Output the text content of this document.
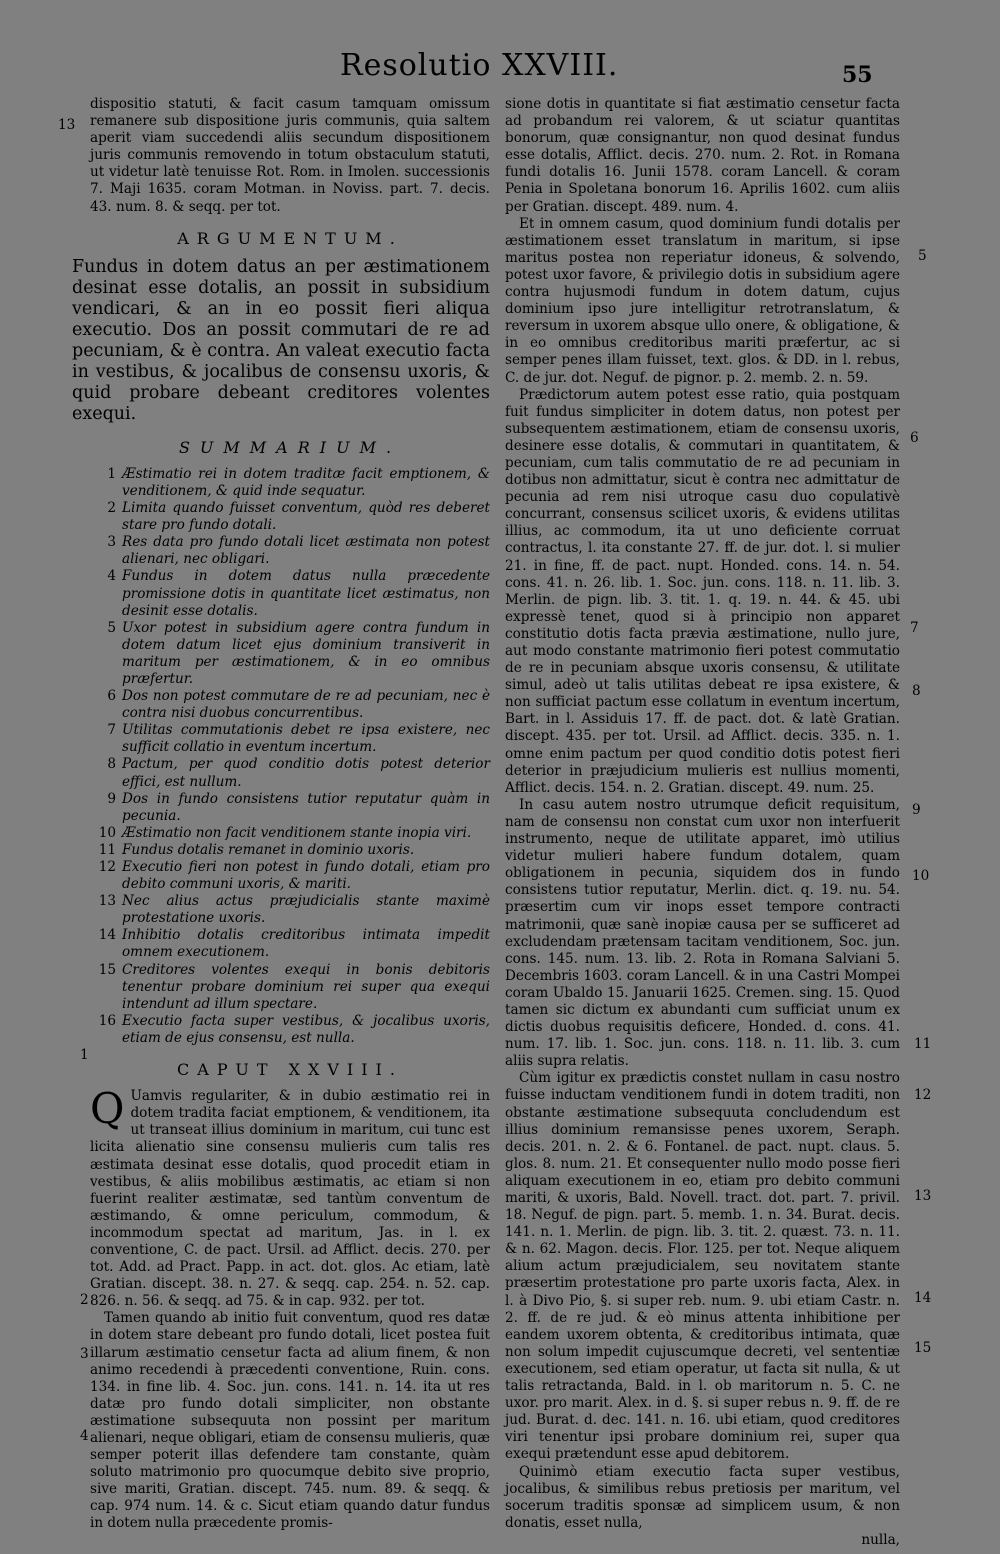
Resolutio XXVIII.	55
13
5
6
7
8
9
10
11
12
13
14
15
1
2
3
4

dispositio statuti, & facit casum tamquam omissum remanere sub dispositione juris communis, quia saltem aperit viam succedendi aliis secundum dispositionem juris communis removendo in totum obstaculum statuti, ut videtur latè tenuisse Rot. Rom. in Imolen. successionis 7. Maji 1635. coram Motman. in Noviss. part. 7. decis. 43. num. 8. & seqq. per tot.

ARGUMENTUM.

Fundus in dotem datus an per æstimationem desinat esse dotalis, an possit in subsidium vendicari, & an in eo possit fieri aliqua executio. Dos an possit commutari de re ad pecuniam, & è contra. An valeat executio facta in vestibus, & jocalibus de consensu uxoris, & quid probare debeant creditores volentes exequi.

SUMMARIUM.

1 Æstimatio rei in dotem traditæ facit emptionem, & venditionem, & quid inde sequatur.
2 Limita quando fuisset conventum, quòd res deberet stare pro fundo dotali.
3 Res data pro fundo dotali licet æstimata non potest alienari, nec obligari.
4 Fundus in dotem datus nulla præcedente promissione dotis in quantitate licet æstimatus, non desinit esse dotalis.
5 Uxor potest in subsidium agere contra fundum in dotem datum licet ejus dominium transiverit in maritum per æstimationem, & in eo omnibus præfertur.
6 Dos non potest commutare de re ad pecuniam, nec è contra nisi duobus concurrentibus.
7 Utilitas commutationis debet re ipsa existere, nec sufficit collatio in eventum incertum.
8 Pactum, per quod conditio dotis potest deterior effici, est nullum.
9 Dos in fundo consistens tutior reputatur quàm in pecunia.
10 Æstimatio non facit venditionem stante inopia viri.
11 Fundus dotalis remanet in dominio uxoris.
12 Executio fieri non potest in fundo dotali, etiam pro debito communi uxoris, & mariti.
13 Nec alius actus præjudicialis stante maximè protestatione uxoris.
14 Inhibitio dotalis creditoribus intimata impedit omnem executionem.
15 Creditores volentes exequi in bonis debitoris tenentur probare dominium rei super qua exequi intendunt ad illum spectare.
16 Executio facta super vestibus, & jocalibus uxoris, etiam de ejus consensu, est nulla.

CAPUT XXVIII.

Q Uamvis regulariter, & in dubio æstimatio rei in dotem tradita faciat emptionem, & venditionem, ita ut transeat illius dominium in maritum, cui tunc est licita alienatio sine consensu mulieris cum talis res æstimata desinat esse dotalis, quod procedit etiam in vestibus, & aliis mobilibus æstimatis, ac etiam si non fuerint realiter æstimatæ, sed tantùm conventum de æstimando, & omne periculum, commodum, & incommodum spectat ad maritum, Jas. in l. ex conventione, C. de pact. Ursil. ad Afflict. decis. 270. per tot. Add. ad Pract. Papp. in act. dot. glos. Ac etiam, latè Gratian. discept. 38. n. 27. & seqq. cap. 254. n. 52. cap. 826. n. 56. & seqq. ad 75. & in cap. 932. per tot.

Tamen quando ab initio fuit conventum, quod res datæ in dotem stare debeant pro fundo dotali, licet postea fuit illarum æstimatio censetur facta ad alium finem, & non animo recedendi à præcedenti conventione, Ruin. cons. 134. in fine lib. 4. Soc. jun. cons. 141. n. 14. ita ut res datæ pro fundo dotali simpliciter, non obstante æstimatione subsequuta non possint per maritum alienari, neque obligari, etiam de consensu mulieris, quæ semper poterit illas defendere tam constante, quàm soluto matrimonio pro quocumque debito sive proprio, sive mariti, Gratian. discept. 745. num. 89. & seqq. & cap. 974 num. 14. & c. Sicut etiam quando datur fundus in dotem nulla præcedente promis-

sione dotis in quantitate si fiat æstimatio censetur facta ad probandum rei valorem, & ut sciatur quantitas bonorum, quæ consignantur, non quod desinat fundus esse dotalis, Afflict. decis. 270. num. 2. Rot. in Romana fundi dotalis 16. Junii 1578. coram Lancell. & coram Penia in Spoletana bonorum 16. Aprilis 1602. cum aliis per Gratian. discept. 489. num. 4.

Et in omnem casum, quod dominium fundi dotalis per æstimationem esset translatum in maritum, si ipse maritus postea non reperiatur idoneus, & solvendo, potest uxor favore, & privilegio dotis in subsidium agere contra hujusmodi fundum in dotem datum, cujus dominium ipso jure intelligitur retrotranslatum, & reversum in uxorem absque ullo onere, & obligatione, & in eo omnibus creditoribus mariti præfertur, ac si semper penes illam fuisset, text. glos. & DD. in l. rebus, C. de jur. dot. Neguf. de pignor. p. 2. memb. 2. n. 59.

Prædictorum autem potest esse ratio, quia postquam fuit fundus simpliciter in dotem datus, non potest per subsequentem æstimationem, etiam de consensu uxoris, desinere esse dotalis, & commutari in quantitatem, & pecuniam, cum talis commutatio de re ad pecuniam in dotibus non admittatur, sicut è contra nec admittatur de pecunia ad rem nisi utroque casu duo copulativè concurrant, consensus scilicet uxoris, & evidens utilitas illius, ac commodum, ita ut uno deficiente corruat contractus, l. ita constante 27. ff. de jur. dot. l. si mulier 21. in fine, ff. de pact. nupt. Honded. cons. 14. n. 54. cons. 41. n. 26. lib. 1. Soc. jun. cons. 118. n. 11. lib. 3. Merlin. de pign. lib. 3. tit. 1. q. 19. n. 44. & 45. ubi expressè tenet, quod si à principio non apparet constitutio dotis facta prævia æstimatione, nullo jure, aut modo constante matrimonio fieri potest commutatio de re in pecuniam absque uxoris consensu, & utilitate simul, adeò ut talis utilitas debeat re ipsa existere, & non sufficiat pactum esse collatum in eventum incertum, Bart. in l. Assiduis 17. ff. de pact. dot. & latè Gratian. discept. 435. per tot. Ursil. ad Afflict. decis. 335. n. 1. omne enim pactum per quod conditio dotis potest fieri deterior in præjudicium mulieris est nullius momenti, Afflict. decis. 154. n. 2. Gratian. discept. 49. num. 25.

In casu autem nostro utrumque deficit requisitum, nam de consensu non constat cum uxor non interfuerit instrumento, neque de utilitate apparet, imò utilius videtur mulieri habere fundum dotalem, quam obligationem in pecunia, siquidem dos in fundo consistens tutior reputatur, Merlin. dict. q. 19. nu. 54. præsertim cum vir inops esset tempore contracti matrimonii, quæ sanè inopiæ causa per se sufficeret ad excludendam prætensam tacitam venditionem, Soc. jun. cons. 145. num. 13. lib. 2. Rota in Romana Salviani 5. Decembris 1603. coram Lancell. & in una Castri Mompei coram Ubaldo 15. Januarii 1625. Cremen. sing. 15. Quod tamen sic dictum ex abundanti cum sufficiat unum ex dictis duobus requisitis deficere, Honded. d. cons. 41. num. 17. lib. 1. Soc. jun. cons. 118. n. 11. lib. 3. cum aliis supra relatis.

Cùm igitur ex prædictis constet nullam in casu nostro fuisse inductam venditionem fundi in dotem traditi, non obstante æstimatione subsequuta concludendum est illius dominium remansisse penes uxorem, Seraph. decis. 201. n. 2. & 6. Fontanel. de pact. nupt. claus. 5. glos. 8. num. 21. Et consequenter nullo modo posse fieri aliquam executionem in eo, etiam pro debito communi mariti, & uxoris, Bald. Novell. tract. dot. part. 7. privil. 18. Neguf. de pign. part. 5. memb. 1. n. 34. Burat. decis. 141. n. 1. Merlin. de pign. lib. 3. tit. 2. quæst. 73. n. 11. & n. 62. Magon. decis. Flor. 125. per tot. Neque aliquem alium actum præjudicialem, seu novitatem stante præsertim protestatione pro parte uxoris facta, Alex. in l. à Divo Pio, §. si super reb. num. 9. ubi etiam Castr. n. 2. ff. de re jud. & eò minus attenta inhibitione per eandem uxorem obtenta, & creditoribus intimata, quæ non solum impedit cujuscumque decreti, vel sententiæ executionem, sed etiam operatur, ut facta sit nulla, & ut talis retractanda, Bald. in l. ob maritorum n. 5. C. ne uxor. pro marit. Alex. in d. §. si super rebus n. 9. ff. de re jud. Burat. d. dec. 141. n. 16. ubi etiam, quod creditores viri tenentur ipsi probare dominium rei, super qua exequi prætendunt esse apud debitorem.

Quinimò etiam executio facta super vestibus, jocalibus, & similibus rebus pretiosis per maritum, vel socerum traditis sponsæ ad simplicem usum, & non donatis, esset nulla,

nulla,
